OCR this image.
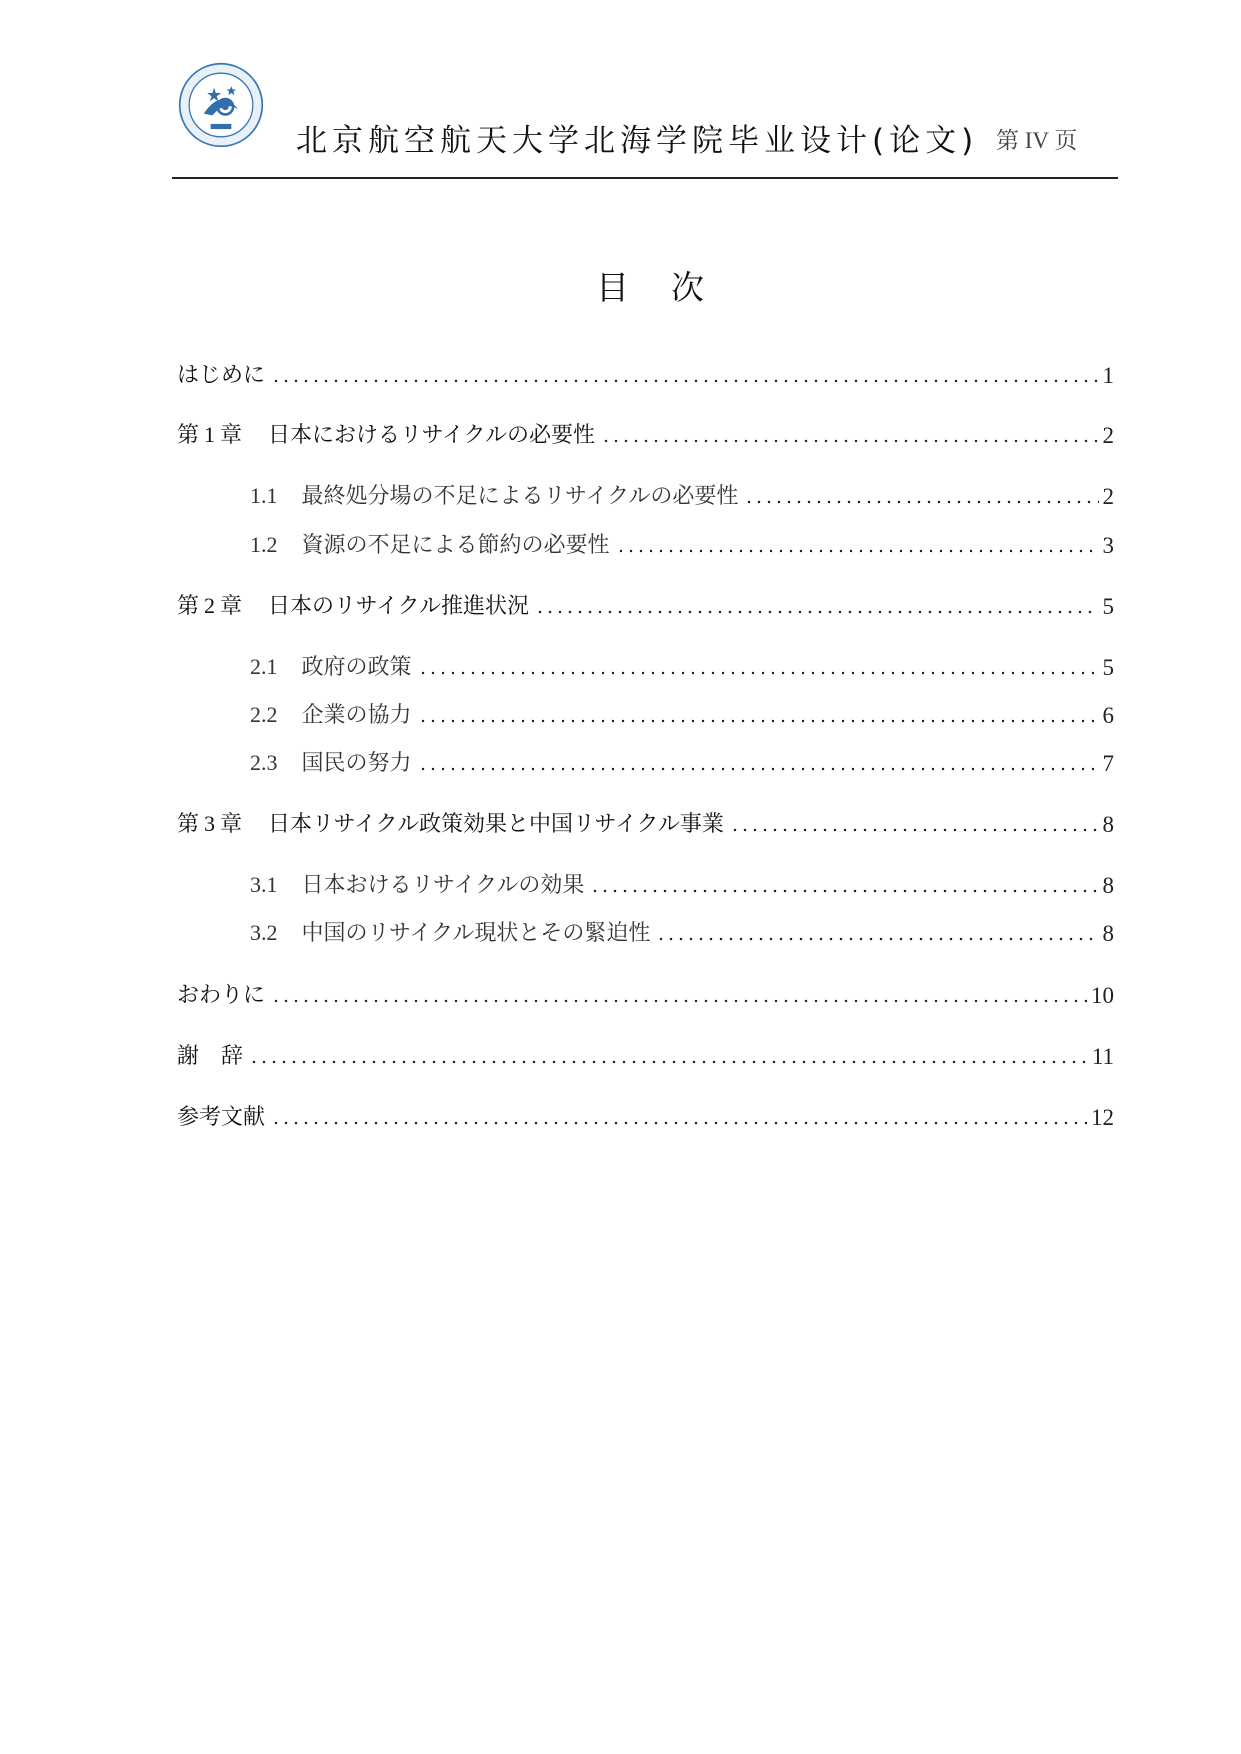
北京航空航天大学北海学院毕业设计(论文) 第 IV 页
目 次
はじめに	1
第 1 章 日本におけるリサイクルの必要性	2
1.1 最終処分場の不足によるリサイクルの必要性	2
1.2 資源の不足による節約の必要性	3
第 2 章 日本のリサイクル推進状況	5
2.1 政府の政策	5
2.2 企業の協力	6
2.3 国民の努力	7
第 3 章 日本リサイクル政策効果と中国リサイクル事業	8
3.1 日本おけるリサイクルの効果	8
3.2 中国のリサイクル現状とその緊迫性	8
おわりに	10
謝　辞	11
参考文献	12
